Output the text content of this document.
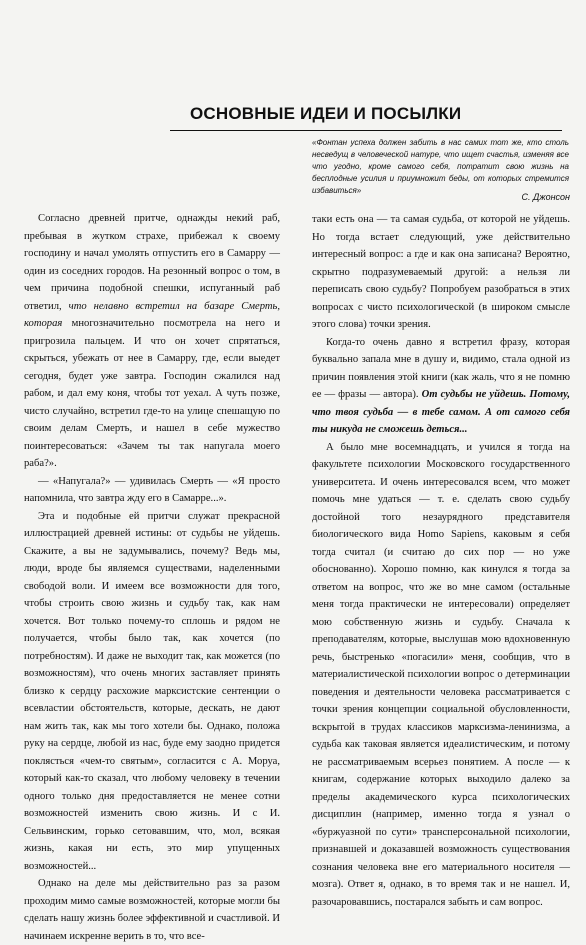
ОСНОВНЫЕ ИДЕИ И ПОСЫЛКИ
«Фонтан успеха должен забить в нас самих тот же, кто столь несведущ в человеческой натуре, что ищет счастья, изменяя все что угодно, кроме самого себя, потратит свою жизнь на бесплодные усилия и приумножит беды, от которых стремится избавиться»
С. Джонсон

Согласно древней притче, однажды некий раб, пребывая в жутком страхе, прибежал к своему господину и начал умолять отпустить его в Самарру — один из соседних городов. На резонный вопрос о том, в чем причина подобной спешки, испуганный раб ответил, что нелавно встретил на базаре Смерть, которая многозначительно посмотрела на него и пригрозила пальцем. И что он хочет спрятаться, скрыться, убежать от нее в Самарру, где, если выедет сегодня, будет уже завтра. Господин сжалился над рабом, и дал ему коня, чтобы тот уехал. А чуть позже, чисто случайно, встретил где-то на улице спешащую по своим делам Смерть, и нашел в себе мужество поинтересоваться: «Зачем ты так напугала моего раба?».

— «Напугала?» — удивилась Смерть — «Я просто напомнила, что завтра жду его в Самарре...».

Эта и подобные ей притчи служат прекрасной иллюстрацией древней истины: от судьбы не уйдешь. Скажите, а вы не задумывались, почему? Ведь мы, люди, вроде бы являемся существами, наделенными свободой воли. И имеем все возможности для того, чтобы строить свою жизнь и судьбу так, как нам хочется. Вот только почему-то сплошь и рядом не получается, чтобы было так, как хочется (по потребностям). И даже не выходит так, как можется (по возможностям), что очень многих заставляет принять близко к сердцу расхожие марксистские сентенции о всевластии обстоятельств, которые, дескать, не дают нам жить так, как мы того хотели бы. Однако, положа руку на сердце, любой из нас, буде ему заодно придется поклясться «чем-то святым», согласится с А. Моруа, который как-то сказал, что любому человеку в течении одного только дня предоставляется не менее сотни возможностей изменить свою жизнь. И с И. Сельвинским, горько сетовавшим, что, мол, всякая жизнь, какая ни есть, это мир упущенных возможностей...

Однако на деле мы действительно раз за разом проходим мимо самые возможностей, которые могли бы сделать нашу жизнь более эффективной и счастливой. И начинаем искренне верить в то, что все-

таки есть она — та самая судьба, от которой не уйдешь. Но тогда встает следующий, уже действительно интересный вопрос: а где и как она записана? Вероятно, скрытно подразумеваемый другой: а нельзя ли переписать свою судьбу? Попробуем разобраться в этих вопросах с чисто психологической (в широком смысле этого слова) точки зрения.

Когда-то очень давно я встретил фразу, которая буквально запала мне в душу и, видимо, стала одной из причин появления этой книги (как жаль, что я не помню ее — фразы — автора). От судьбы не уйдешь. Потому, что твоя судьба — в тебе самом. А от самого себя ты никуда не сможешь деться...

А было мне восемнадцать, и учился я тогда на факультете психологии Московского государственного университета. И очень интересовался всем, что может помочь мне удаться — т. е. сделать свою судьбу достойной того незаурядного представителя биологического вида Homo Sapiens, каковым я себя тогда считал (и считаю до сих пор — но уже обоснованно). Хорошо помню, как кинулся я тогда за ответом на вопрос, что же во мне самом (остальные меня тогда практически не интересовали) определяет мою собственную жизнь и судьбу. Сначала к преподавателям, которые, выслушав мою вдохновенную речь, быстренько «погасили» меня, сообщив, что в материалистической психологии вопрос о детерминации поведения и деятельности человека рассматривается с точки зрения концепции социальной обусловленности, вскрытой в трудах классиков марксизма-ленинизма, а судьба как таковая является идеалистическим, и потому не рассматриваемым всерьез понятием. А после — к книгам, содержание которых выходило далеко за пределы академического курса психологических дисциплин (например, именно тогда я узнал о «буржуазной по сути» трансперсональной психологии, признавшей и доказавшей возможность существования сознания человека вне его материального носителя — мозга). Ответ я, однако, в то время так и не нашел. И, разочаровавшись, постарался забыть и сам вопрос.
